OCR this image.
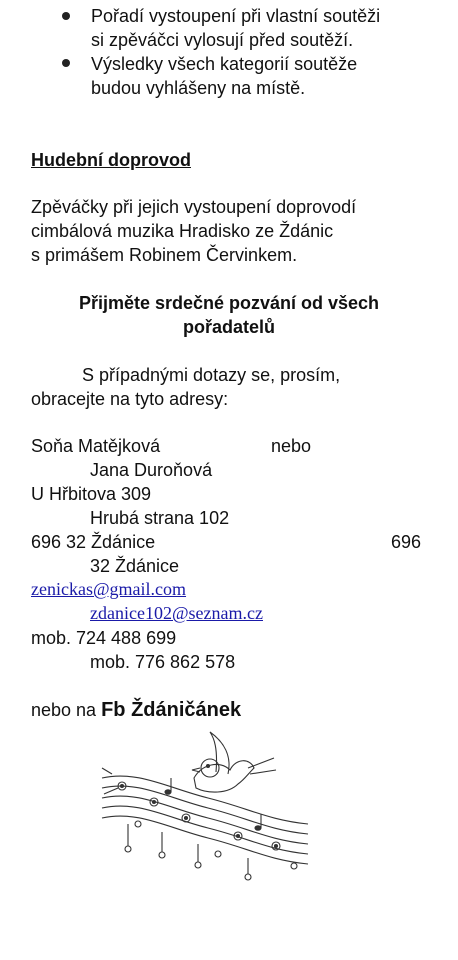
Pořadí vystoupení při vlastní soutěži
si zpěváčci vylosují před soutěží.
Výsledky všech kategorií soutěže
budou vyhlášeny na místě.
Hudební doprovod
Zpěváčky při jejich vystoupení doprovodí
cimbálová muzika Hradisko ze Ždánic
s primášem Robinem Červinkem.
Přijměte srdečné pozvání od všech
pořadatelů
S případnými dotazy se, prosím,
obracejte na tyto adresy:
Soňa Matějková	nebo
Jana Duroňová
U Hřbitova 309
Hrubá strana 102
696 32 Ždánice	696
32 Ždánice
zenickas@gmail.com
zdanice102@seznam.cz
mob. 724 488 699
mob. 776 862 578
nebo na Fb Ždáničánek
